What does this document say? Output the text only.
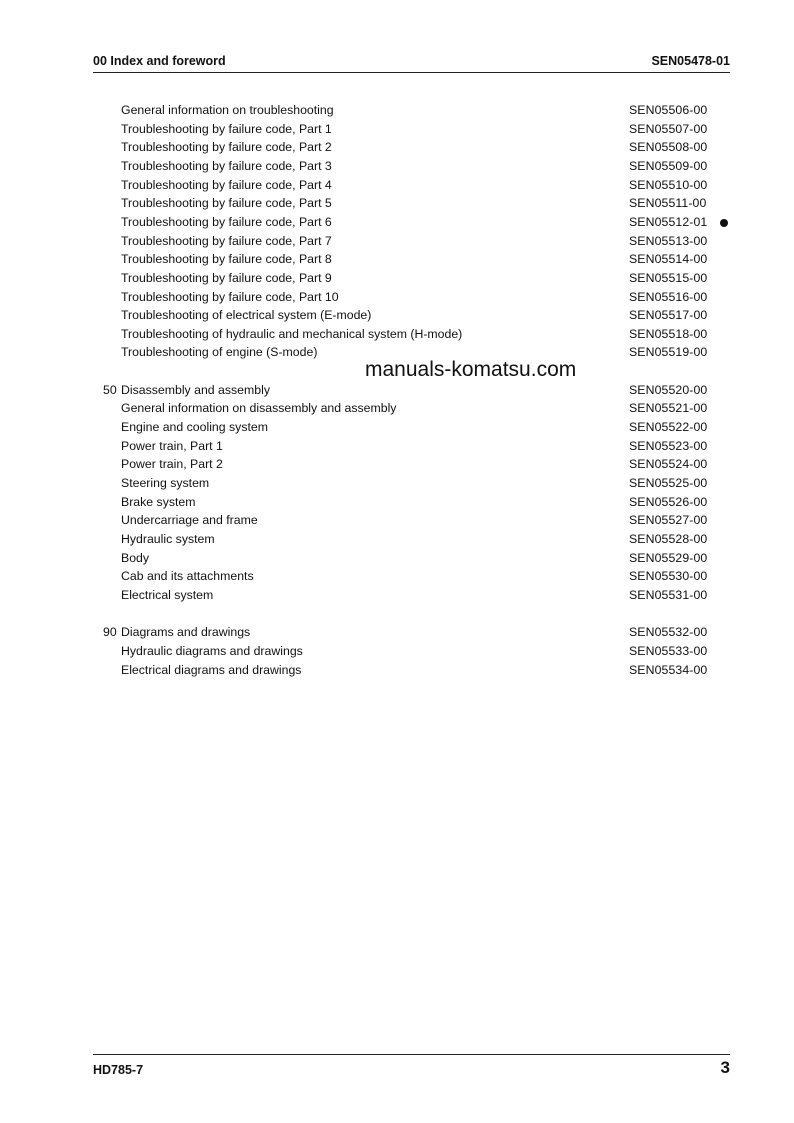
00 Index and foreword	SEN05478-01
General information on troubleshooting	SEN05506-00
Troubleshooting by failure code, Part 1	SEN05507-00
Troubleshooting by failure code, Part 2	SEN05508-00
Troubleshooting by failure code, Part 3	SEN05509-00
Troubleshooting by failure code, Part 4	SEN05510-00
Troubleshooting by failure code, Part 5	SEN05511-00
Troubleshooting by failure code, Part 6	SEN05512-01
Troubleshooting by failure code, Part 7	SEN05513-00
Troubleshooting by failure code, Part 8	SEN05514-00
Troubleshooting by failure code, Part 9	SEN05515-00
Troubleshooting by failure code, Part 10	SEN05516-00
Troubleshooting of electrical system (E-mode)	SEN05517-00
Troubleshooting of hydraulic and mechanical system (H-mode)	SEN05518-00
Troubleshooting of engine (S-mode)	SEN05519-00
50 Disassembly and assembly	SEN05520-00
General information on disassembly and assembly	SEN05521-00
Engine and cooling system	SEN05522-00
Power train, Part 1	SEN05523-00
Power train, Part 2	SEN05524-00
Steering system	SEN05525-00
Brake system	SEN05526-00
Undercarriage and frame	SEN05527-00
Hydraulic system	SEN05528-00
Body	SEN05529-00
Cab and its attachments	SEN05530-00
Electrical system	SEN05531-00
90 Diagrams and drawings	SEN05532-00
Hydraulic diagrams and drawings	SEN05533-00
Electrical diagrams and drawings	SEN05534-00
manuals-komatsu.com
HD785-7	3
